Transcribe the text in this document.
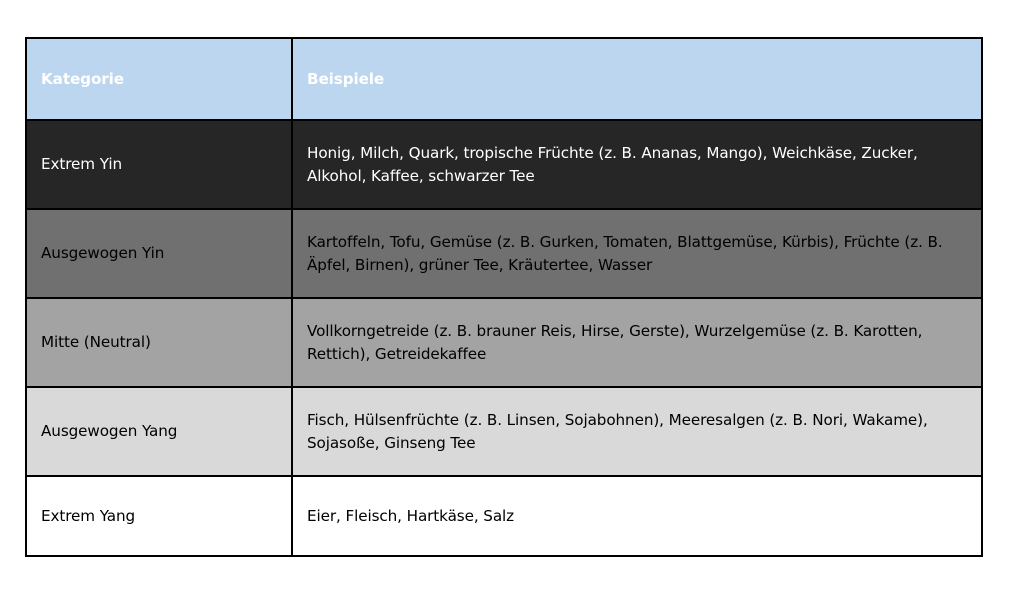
Kategorie	Beispiele
Extrem Yin
Honig, Milch, Quark, tropische Früchte (z. B. Ananas, Mango), Weichkäse, Zucker, Alkohol, Kaffee, schwarzer Tee
Ausgewogen Yin
Kartoffeln, Tofu, Gemüse (z. B. Gurken, Tomaten, Blattgemüse, Kürbis), Früchte (z. B. Äpfel, Birnen), grüner Tee, Kräutertee, Wasser
Mitte (Neutral)
Vollkorngetreide (z. B. brauner Reis, Hirse, Gerste), Wurzelgemüse (z. B. Karotten, Rettich), Getreidekaffee
Ausgewogen Yang
Fisch, Hülsenfrüchte (z. B. Linsen, Sojabohnen), Meeresalgen (z. B. Nori, Wakame), Sojasoße, Ginseng Tee
Extrem Yang	Eier, Fleisch, Hartkäse, Salz
